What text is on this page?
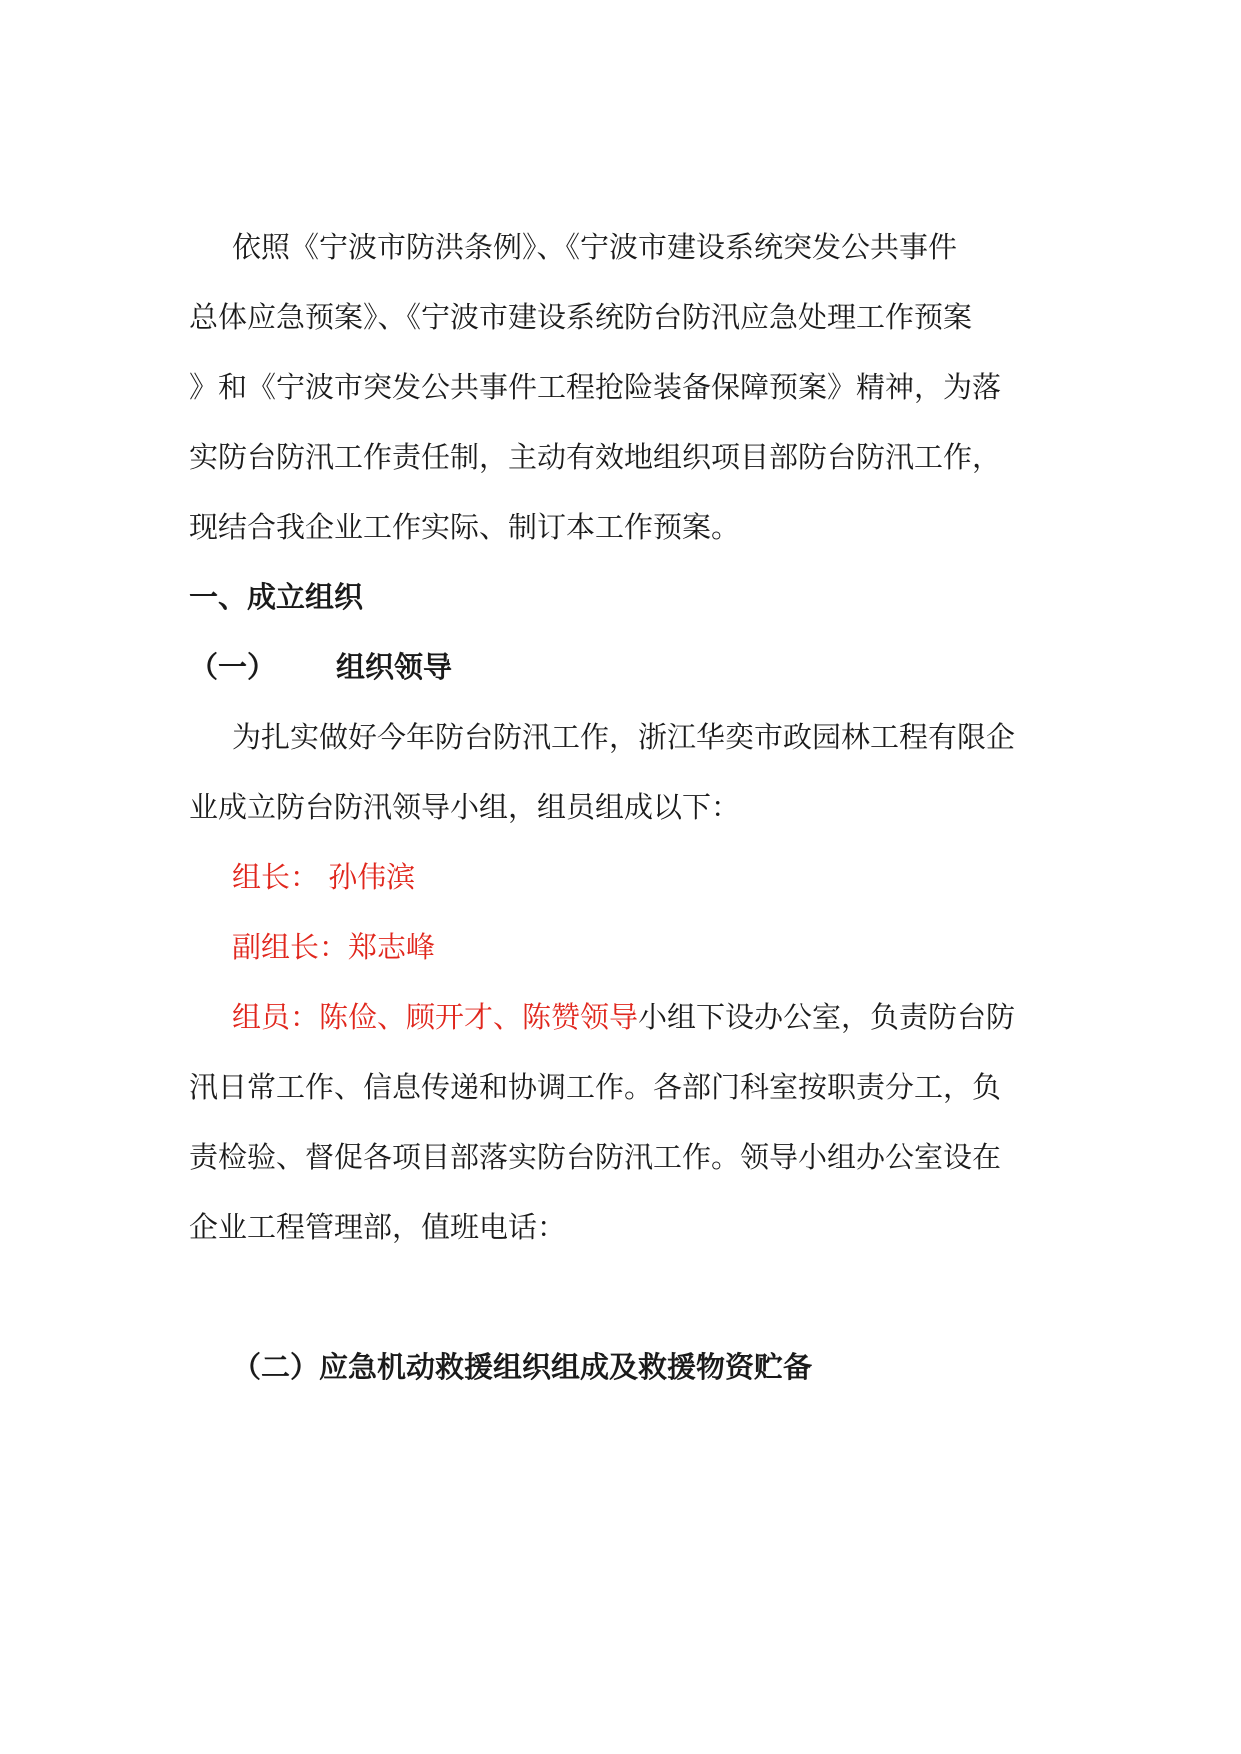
依照《宁波市防洪条例》、《宁波市建设系统突发公共事件
总体应急预案》、《宁波市建设系统防台防汛应急处理工作预案
》和《宁波市突发公共事件工程抢险装备保障预案》精神，为落
实防台防汛工作责任制，主动有效地组织项目部防台防汛工作，
现结合我企业工作实际、制订本工作预案。
一、成立组织
（一） 组织领导
为扎实做好今年防台防汛工作，浙江华奕市政园林工程有限企
业成立防台防汛领导小组，组员组成以下：
组长： 孙伟滨
副组长：郑志峰
组员：陈俭、顾开才、陈赞领导小组下设办公室，负责防台防
汛日常工作、信息传递和协调工作。各部门科室按职责分工，负
责检验、督促各项目部落实防台防汛工作。领导小组办公室设在
企业工程管理部，值班电话：
（二）应急机动救援组织组成及救援物资贮备
